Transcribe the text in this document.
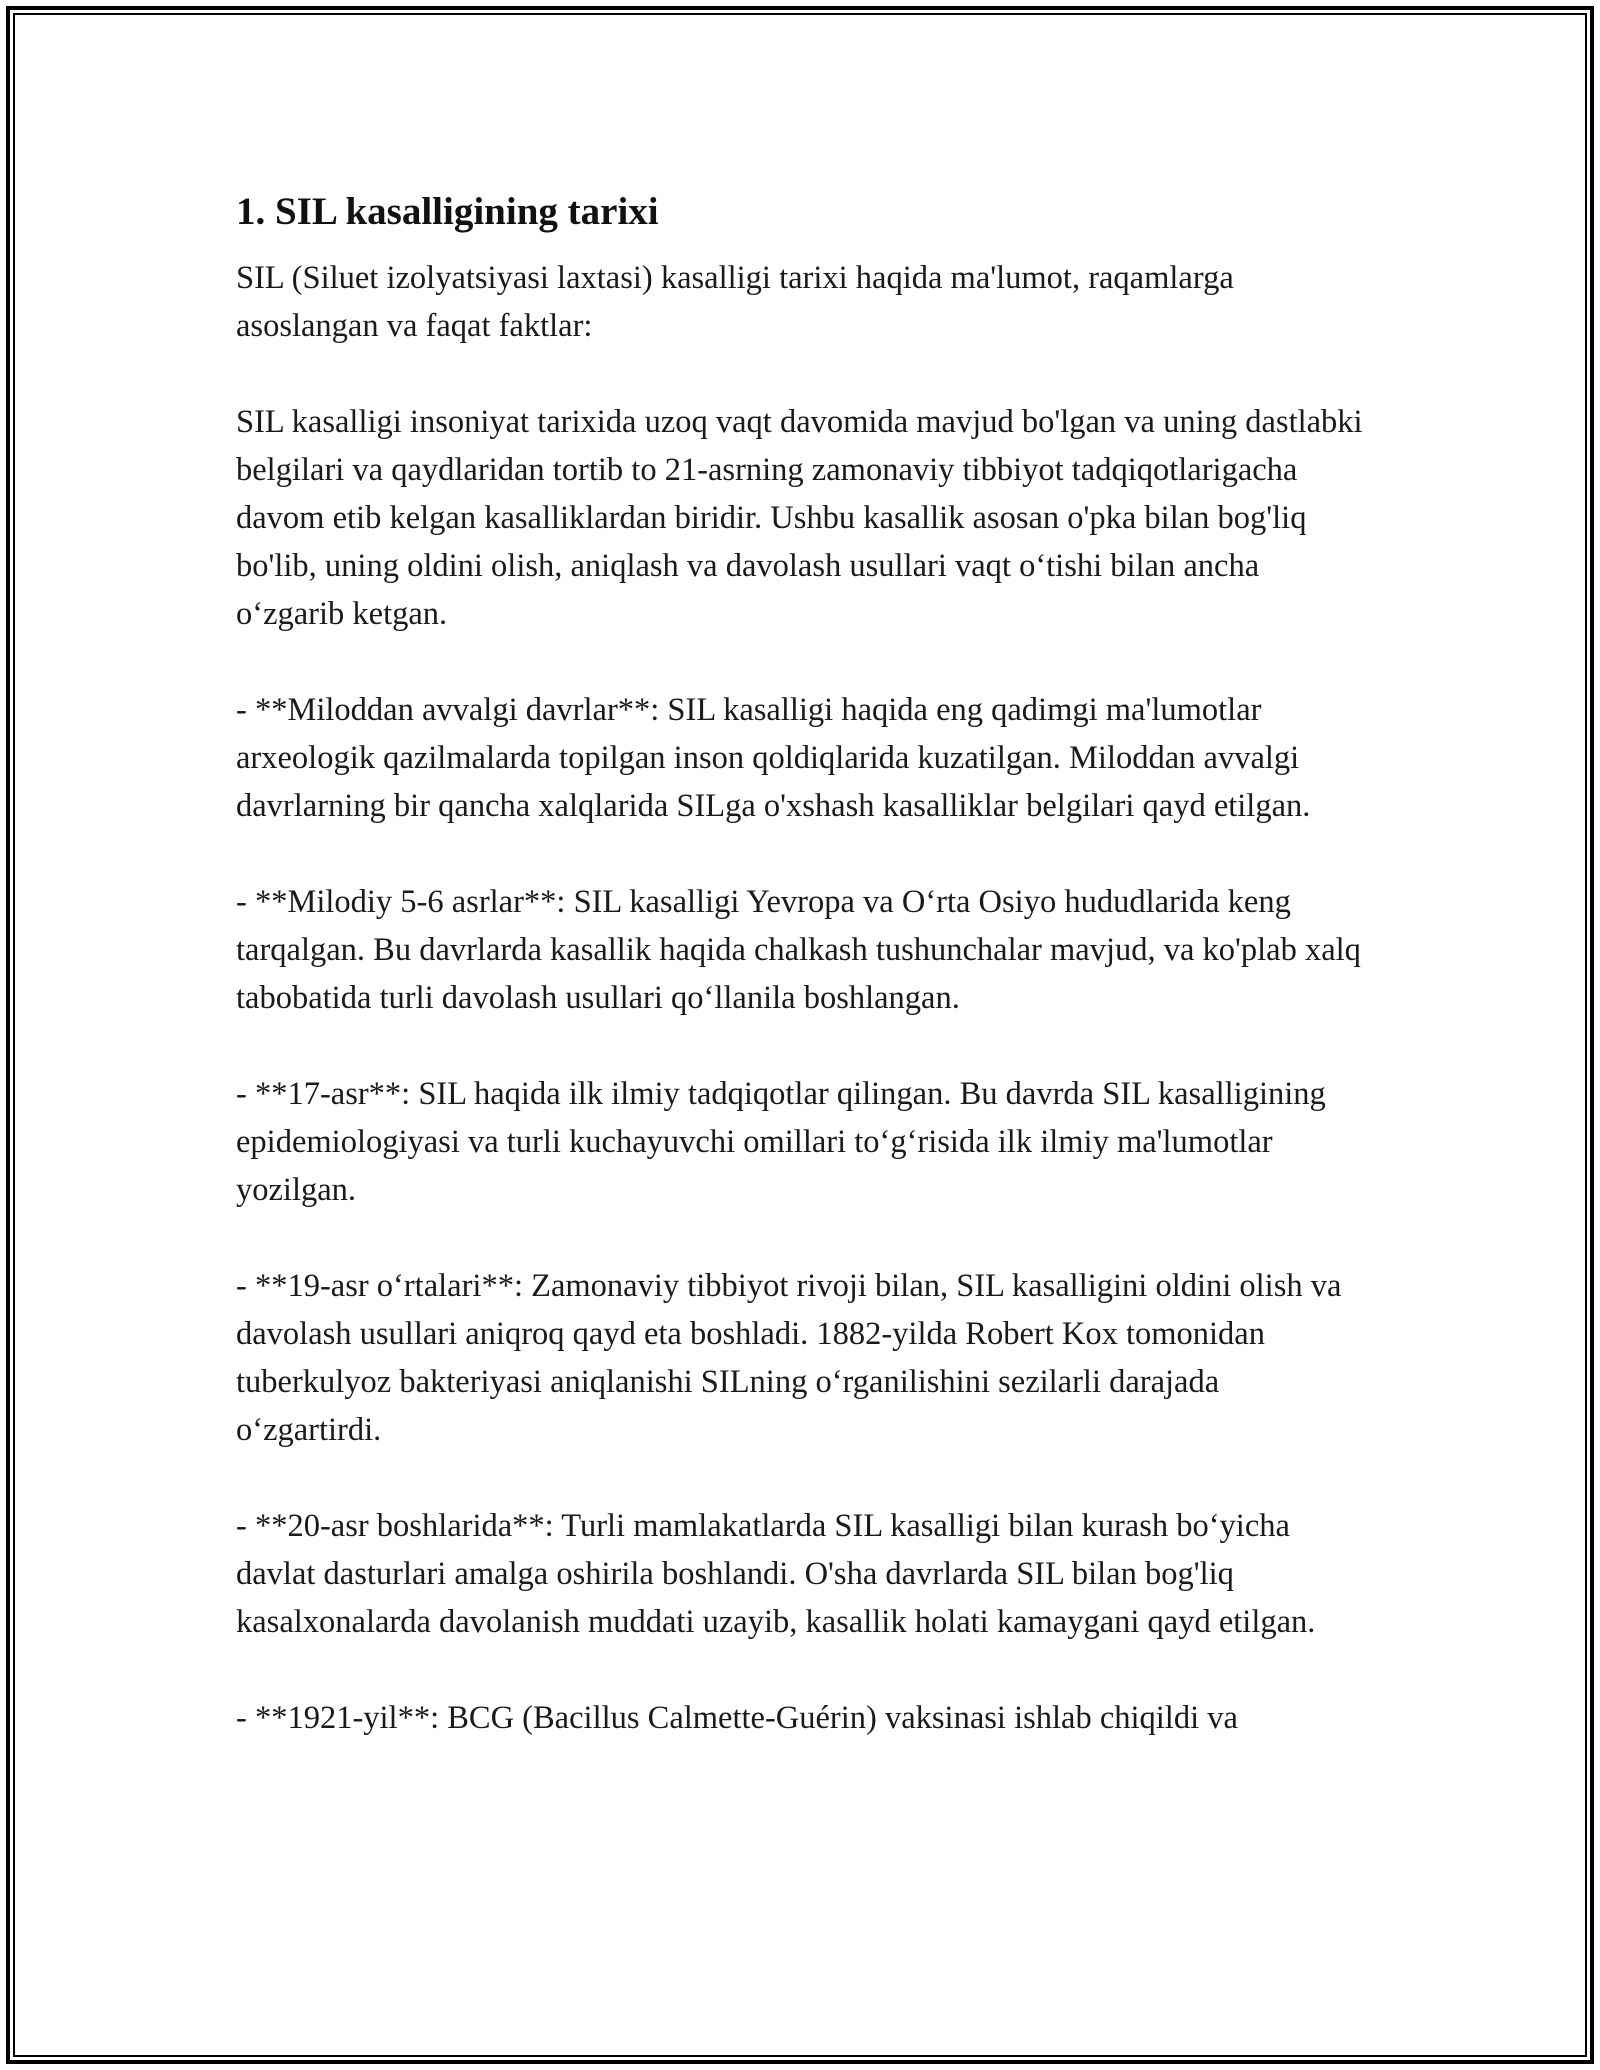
1. SIL kasalligining tarixi

SIL (Siluet izolyatsiyasi laxtasi) kasalligi tarixi haqida ma'lumot, raqamlarga asoslangan va faqat faktlar:

SIL kasalligi insoniyat tarixida uzoq vaqt davomida mavjud bo'lgan va uning dastlabki belgilari va qaydlaridan tortib to 21-asrning zamonaviy tibbiyot tadqiqotlarigacha davom etib kelgan kasalliklardan biridir. Ushbu kasallik asosan o'pka bilan bog'liq bo'lib, uning oldini olish, aniqlash va davolash usullari vaqt o‘tishi bilan ancha o‘zgarib ketgan.

- **Miloddan avvalgi davrlar**: SIL kasalligi haqida eng qadimgi ma'lumotlar arxeologik qazilmalarda topilgan inson qoldiqlarida kuzatilgan. Miloddan avvalgi davrlarning bir qancha xalqlarida SILga o'xshash kasalliklar belgilari qayd etilgan.

- **Milodiy 5-6 asrlar**: SIL kasalligi Yevropa va O‘rta Osiyo hududlarida keng tarqalgan. Bu davrlarda kasallik haqida chalkash tushunchalar mavjud, va ko'plab xalq tabobatida turli davolash usullari qo‘llanila boshlangan.

- **17-asr**: SIL haqida ilk ilmiy tadqiqotlar qilingan. Bu davrda SIL kasalligining epidemiologiyasi va turli kuchayuvchi omillari to‘g‘risida ilk ilmiy ma'lumotlar yozilgan.

- **19-asr o‘rtalari**: Zamonaviy tibbiyot rivoji bilan, SIL kasalligini oldini olish va davolash usullari aniqroq qayd eta boshladi. 1882-yilda Robert Kox tomonidan tuberkulyoz bakteriyasi aniqlanishi SILning o‘rganilishini sezilarli darajada o‘zgartirdi.

- **20-asr boshlarida**: Turli mamlakatlarda SIL kasalligi bilan kurash bo‘yicha davlat dasturlari amalga oshirila boshlandi. O'sha davrlarda SIL bilan bog'liq kasalxonalarda davolanish muddati uzayib, kasallik holati kamaygani qayd etilgan.

- **1921-yil**: BCG (Bacillus Calmette-Guérin) vaksinasi ishlab chiqildi va
